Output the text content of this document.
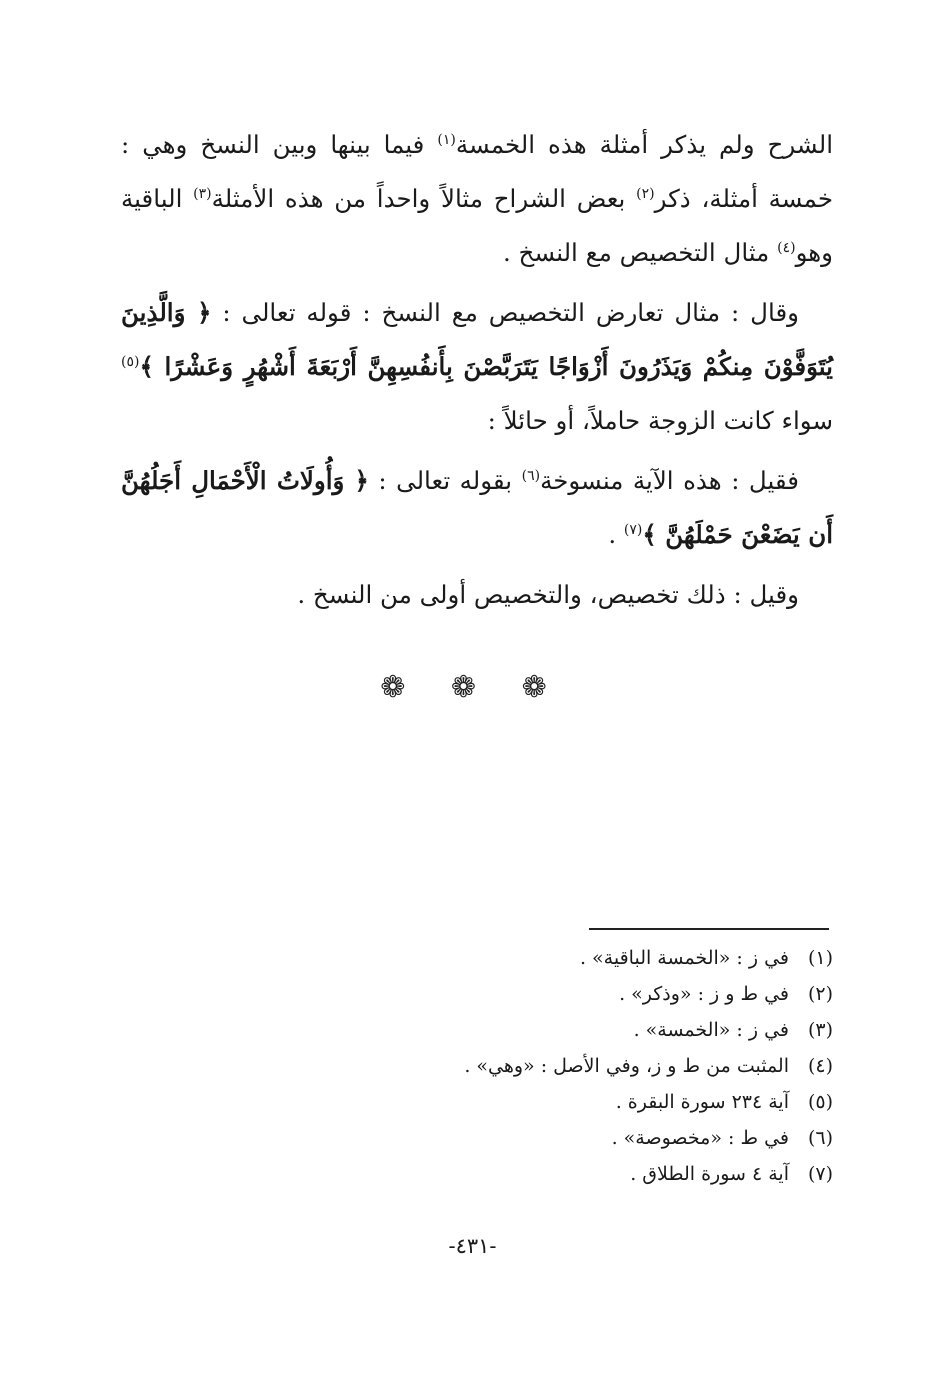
الشرح ولم يذكر أمثلة هذه الخمسة$^{(١)}$ فيما بينها وبين النسخ وهي : خمسة أمثلة، ذكر$^{(٢)}$ بعض الشراح مثالاً واحداً من هذه الأمثلة$^{(٣)}$ الباقية وهو$^{(٤)}$ مثال التخصيص مع النسخ .

وقال : مثال تعارض التخصيص مع النسخ : قوله تعالى : ﴿ وَالَّذِينَ يُتَوَفَّوْنَ مِنكُمْ وَيَذَرُونَ أَزْوَاجًا يَتَرَبَّصْنَ بِأَنفُسِهِنَّ أَرْبَعَةَ أَشْهُرٍ وَعَشْرًا ﴾$^{(٥)}$ سواء كانت الزوجة حاملاً، أو حائلاً :

فقيل : هذه الآية منسوخة$^{(٦)}$ بقوله تعالى : ﴿ وَأُولَاتُ الْأَحْمَالِ أَجَلُهُنَّ أَن يَضَعْنَ حَمْلَهُنَّ ﴾$^{(٧)}$ .

وقيل : ذلك تخصيص، والتخصيص أولى من النسخ .

❁ ❁ ❁
(١)في ز : «الخمسة الباقية» .
(٢)في ط و ز : «وذكر» .
(٣)في ز : «الخمسة» .
(٤)المثبت من ط و ز، وفي الأصل : «وهي» .
(٥)آية ٢٣٤ سورة البقرة .
(٦)في ط : «مخصوصة» .
(٧)آية ٤ سورة الطلاق .
-٤٣١-
